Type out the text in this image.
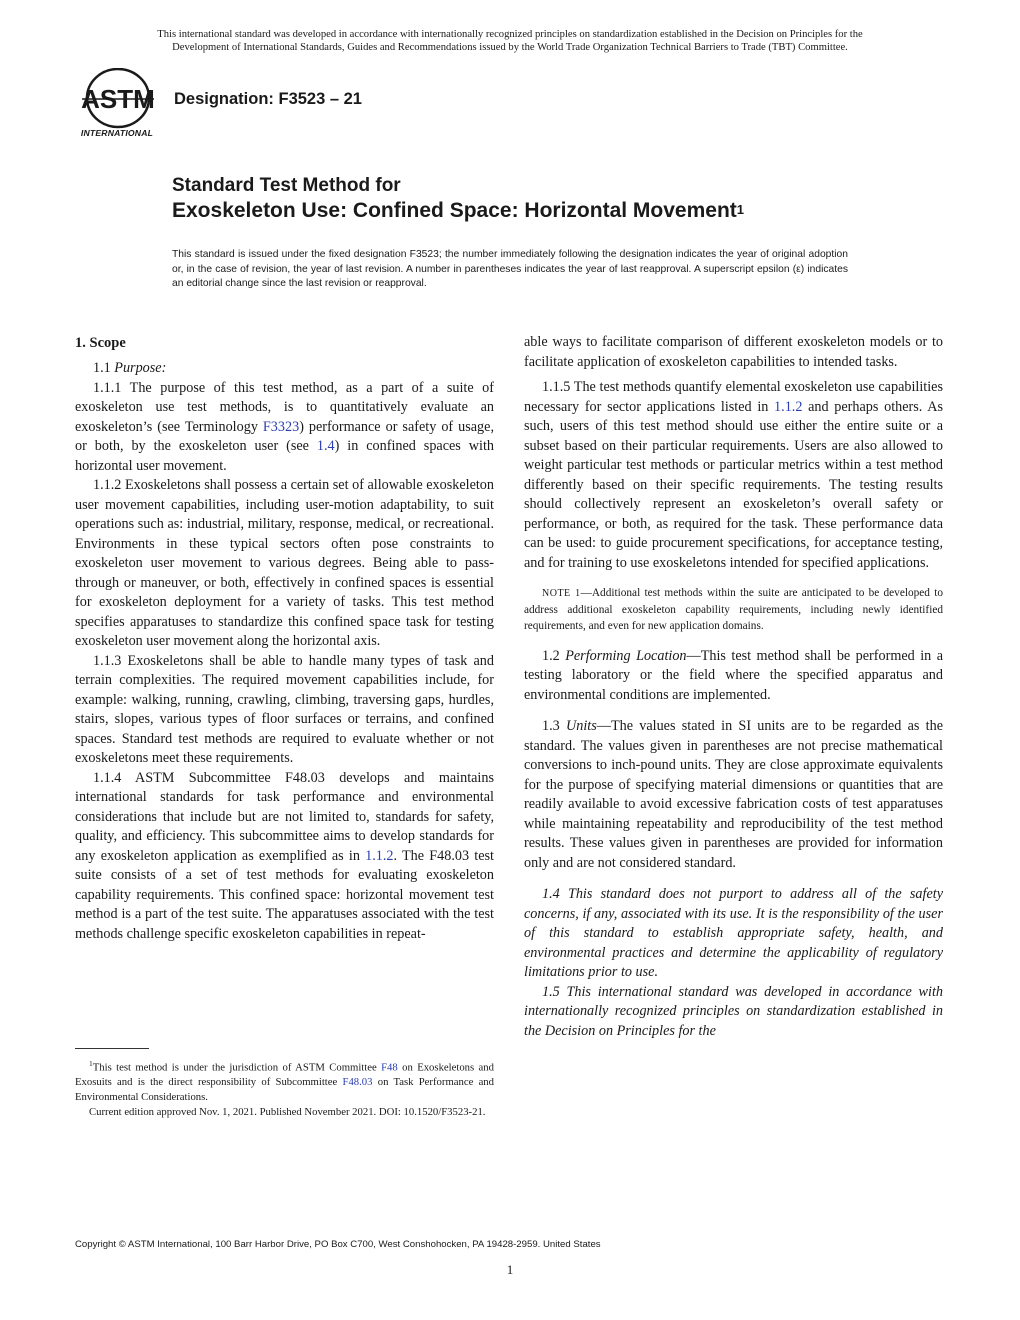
This international standard was developed in accordance with internationally recognized principles on standardization established in the Decision on Principles for the
Development of International Standards, Guides and Recommendations issued by the World Trade Organization Technical Barriers to Trade (TBT) Committee.
ASTM
INTERNATIONAL
Designation: F3523 – 21
Standard Test Method for
Exoskeleton Use: Confined Space: Horizontal Movement$^1$
This standard is issued under the fixed designation F3523; the number immediately following the designation indicates the year of original adoption or, in the case of revision, the year of last revision. A number in parentheses indicates the year of last reapproval. A superscript epsilon (ε) indicates an editorial change since the last revision or reapproval.
1. Scope

1.1 Purpose:

1.1.1 The purpose of this test method, as a part of a suite of exoskeleton use test methods, is to quantitatively evaluate an exoskeleton’s (see Terminology F3323) performance or safety of usage, or both, by the exoskeleton user (see 1.4) in confined spaces with horizontal user movement.

1.1.2 Exoskeletons shall possess a certain set of allowable exoskeleton user movement capabilities, including user-motion adaptability, to suit operations such as: industrial, military, response, medical, or recreational. Environments in these typical sectors often pose constraints to exoskeleton user movement to various degrees. Being able to pass-through or maneuver, or both, effectively in confined spaces is essential for exoskeleton deployment for a variety of tasks. This test method specifies apparatuses to standardize this confined space task for testing exoskeleton user movement along the horizontal axis.

1.1.3 Exoskeletons shall be able to handle many types of task and terrain complexities. The required movement capabilities include, for example: walking, running, crawling, climbing, traversing gaps, hurdles, stairs, slopes, various types of floor surfaces or terrains, and confined spaces. Standard test methods are required to evaluate whether or not exoskeletons meet these requirements.

1.1.4 ASTM Subcommittee F48.03 develops and maintains international standards for task performance and environmental considerations that include but are not limited to, standards for safety, quality, and efficiency. This subcommittee aims to develop standards for any exoskeleton application as exemplified as in 1.1.2. The F48.03 test suite consists of a set of test methods for evaluating exoskeleton capability requirements. This confined space: horizontal movement test method is a part of the test suite. The apparatuses associated with the test methods challenge specific exoskeleton capabilities in repeat-

able ways to facilitate comparison of different exoskeleton models or to facilitate application of exoskeleton capabilities to intended tasks.

1.1.5 The test methods quantify elemental exoskeleton use capabilities necessary for sector applications listed in 1.1.2 and perhaps others. As such, users of this test method should use either the entire suite or a subset based on their particular requirements. Users are also allowed to weight particular test methods or particular metrics within a test method differently based on their specific requirements. The testing results should collectively represent an exoskeleton’s overall safety or performance, or both, as required for the task. These performance data can be used: to guide procurement specifications, for acceptance testing, and for training to use exoskeletons intended for specified applications.

NOTE 1—Additional test methods within the suite are anticipated to be developed to address additional exoskeleton capability requirements, including newly identified requirements, and even for new application domains.

1.2 Performing Location—This test method shall be performed in a testing laboratory or the field where the specified apparatus and environmental conditions are implemented.

1.3 Units—The values stated in SI units are to be regarded as the standard. The values given in parentheses are not precise mathematical conversions to inch-pound units. They are close approximate equivalents for the purpose of specifying material dimensions or quantities that are readily available to avoid excessive fabrication costs of test apparatuses while maintaining repeatability and reproducibility of the test method results. These values given in parentheses are provided for information only and are not considered standard.

1.4 This standard does not purport to address all of the safety concerns, if any, associated with its use. It is the responsibility of the user of this standard to establish appropriate safety, health, and environmental practices and determine the applicability of regulatory limitations prior to use.

1.5 This international standard was developed in accordance with internationally recognized principles on standardization established in the Decision on Principles for the

$^1$This test method is under the jurisdiction of ASTM Committee F48 on Exoskeletons and Exosuits and is the direct responsibility of Subcommittee F48.03 on Task Performance and Environmental Considerations.

Current edition approved Nov. 1, 2021. Published November 2021. DOI: 10.1520/F3523-21.

Copyright © ASTM International, 100 Barr Harbor Drive, PO Box C700, West Conshohocken, PA 19428-2959. United States
1
